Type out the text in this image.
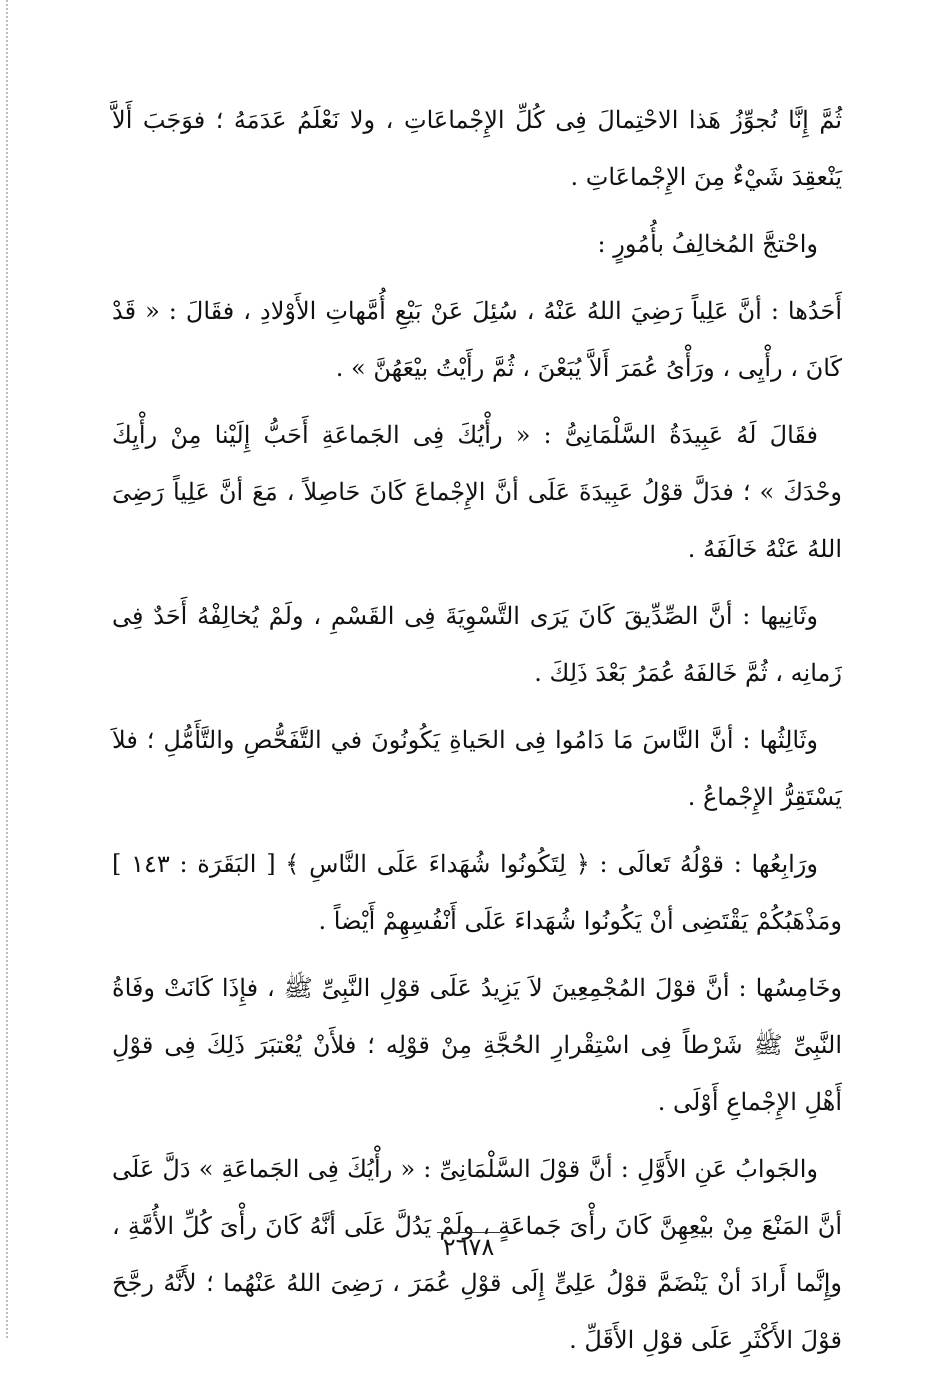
ثُمَّ إِنَّا نُجوِّزُ هَذا الاحْتِمالَ فِى كُلِّ الإِجْماعَاتِ ، ولا نَعْلَمُ عَدَمَهُ ؛ فوَجَبَ أَلاَّ يَنْعقِدَ شَيْءٌ مِنَ الإِجْماعَاتِ .

واحْتجَّ المُخالِفُ بأُمُورٍ :

أَحَدُها : أنَّ عَلِياً رَضِيَ اللهُ عَنْهُ ، سُئِلَ عَنْ بَيْعِ أُمَّهاتِ الأَوْلادِ ، فقَالَ : « قَدْ كَانَ ، رأْيِى ، ورَأْىُ عُمَرَ أَلاَّ يُبَعْنَ ، ثُمَّ رأَيْتُ بيْعَهُنَّ » .

فقَالَ لَهُ عَبِيدَةُ السَّلْمَانِىُّ : « رأْيُكَ فِى الجَماعَةِ أَحَبُّ إِلَيْنا مِنْ رأْيِكَ وحْدَكَ » ؛ فدَلَّ قوْلُ عَبِيدَةَ عَلَى أنَّ الإِجْماعَ كَانَ حَاصِلاً ، مَعَ أنَّ عَلِياً رَضِىَ اللهُ عَنْهُ خَالَفَهُ .

وثَانِيها : أنَّ الصِّدِّيقَ كَانَ يَرَى التَّسْوِيَةَ فِى القَسْمِ ، ولَمْ يُخالِفْهُ أَحَدٌ فِى زَمانِه ، ثُمَّ خَالفَهُ عُمَرُ بَعْدَ ذَلِكَ .

وثَالِثُها : أنَّ النَّاسَ مَا دَامُوا فِى الحَياةِ يَكُونُونَ في التَّفَحُّصِ والتَّأَمُّلِ ؛ فلاَ يَسْتَقِرُّ الإِجْماعُ .

ورَابِعُها : قوْلُهُ تَعالَى : ﴿ لِتَكُونُوا شُهَداءَ عَلَى النَّاسِ ﴾ [ البَقَرَة : ١٤٣ ] ومَذْهَبُكُمْ يَقْتَضِى أنْ يَكُونُوا شُهَداءَ عَلَى أَنْفُسِهِمْ أَيْضاً .

وخَامِسُها : أنَّ قوْلَ المُجْمِعِينَ لاَ يَزِيدُ عَلَى قوْلِ النَّبِىِّ ﷺ ، فإِذَا كَانَتْ وفَاةُ النَّبِىِّ ﷺ شَرْطاً فِى اسْتِقْرارِ الحُجَّةِ مِنْ قوْلِه ؛ فلأَنْ يُعْتبَرَ ذَلِكَ فِى قوْلِ أَهْلِ الإِجْماعِ أَوْلَى .

والجَوابُ عَنِ الأَوَّلِ : أنَّ قوْلَ السَّلْمَانِىِّ : « رأْيُكَ فِى الجَماعَةِ » دَلَّ عَلَى أنَّ المَنْعَ مِنْ بيْعِهِنَّ كَانَ رأْىَ جَماعَةٍ ، ولَمْ يَدُلَّ عَلَى أنَّهُ كَانَ رأْىَ كُلِّ الأُمَّةِ ، وإِنَّما أَرادَ أنْ يَنْضَمَّ قوْلُ عَلِىٍّ إِلَى قوْلِ عُمَرَ ، رَضِىَ اللهُ عَنْهُما ؛ لأَنَّهُ رجَّحَ قوْلَ الأَكْثَرِ عَلَى قوْلِ الأَقَلِّ .

٢٦٧٨
